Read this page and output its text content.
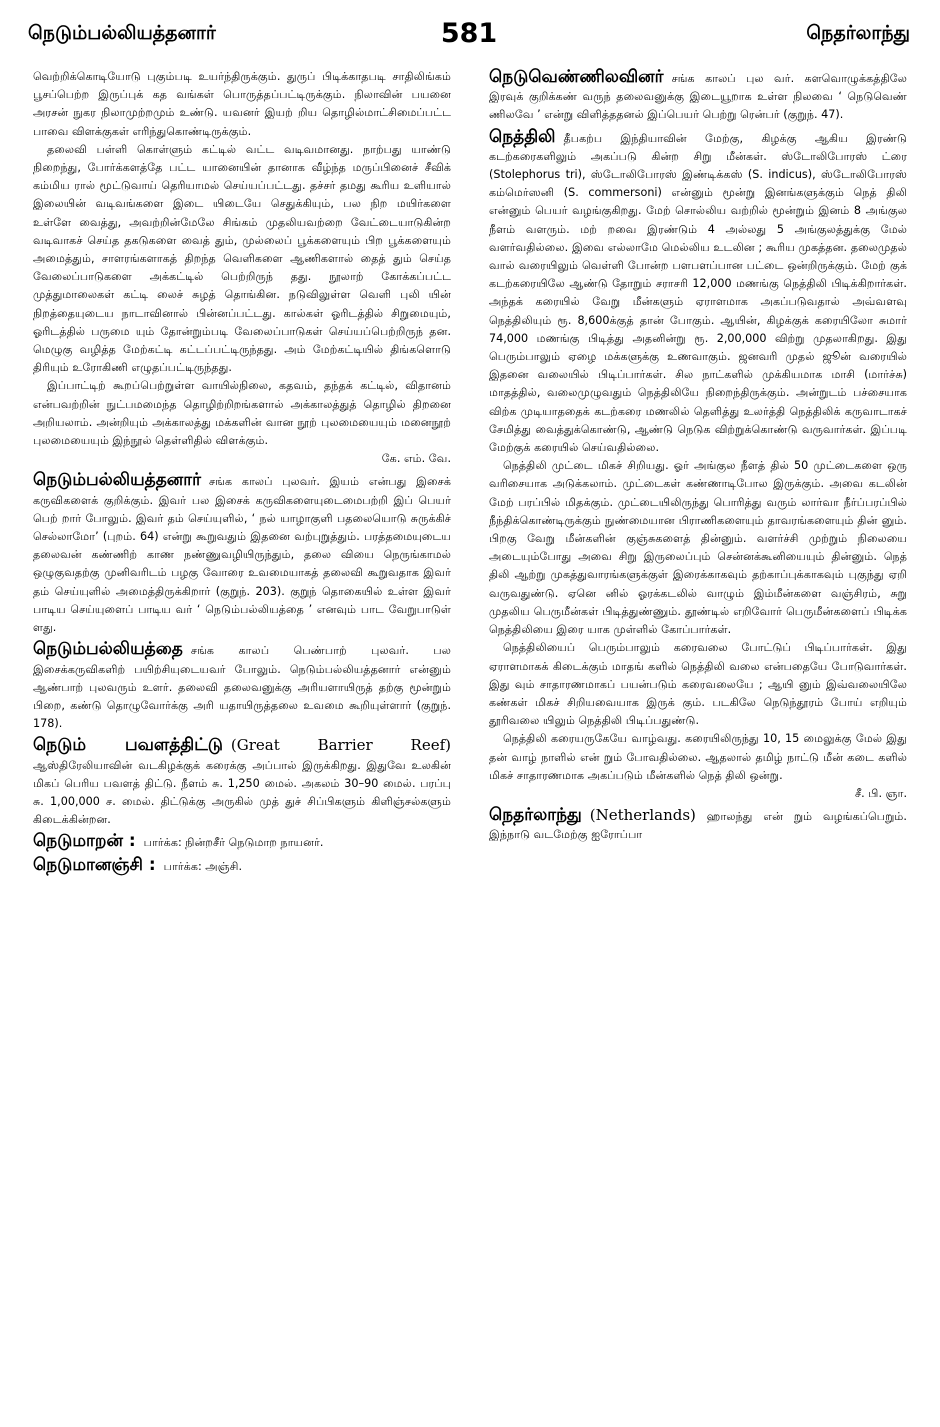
நெடும்பல்லியத்தனார்	581	நெதர்லாந்து

வெற்றிக்கொடியோடு புகும்படி உயர்ந்திருக்கும். துருப் பிடிக்காதபடி சாதிலிங்கம் பூசப்பெற்ற இருப்புக் கத வங்கள் பொருத்தப்பட்டிருக்கும். நிலாவின் பயனை அரசன் நுகர நிலாமுற்றமும் உண்டு. யவனர் இயற் றிய தொழில்மாட்சிமைப்பட்ட பாவை விளக்குகள் எரிந்துகொண்டிருக்கும்.

தலைவி பள்ளி கொள்ளும் கட்டில் வட்ட வடிவமானது. நாற்பது யாண்டு நிறைந்து, போர்க்களத்தே பட்ட யானையின் தானாக வீழ்ந்த மருப்பினைச் சீவிக் கம்மிய ரால் மூட்டுவாய் தெரியாமல் செய்யப்பட்டது. தச்சர் தமது கூரிய உளியால் இலையின் வடிவங்களை இடை யிடையே செதுக்கியும், பல நிற மயிர்களை உள்ளே வைத்து, அவற்றின்மேலே சிங்கம் முதலியவற்றை வேட்டையாடுகின்ற வடிவாகச் செய்த தகடுகளை வைத் தும், முல்லைப் பூக்களையும் பிற பூக்களையும் அமைத்தும், சாளரங்களாகத் திறந்த வெளிகளை ஆணிகளால் தைத் தும் செய்த வேலைப்பாடுகளை அக்கட்டில் பெற்றிருந் தது. நூலாற் கோக்கப்பட்ட முத்துமாலைகள் கட்டி லைச் சுழத் தொங்கின. நடுவிலுள்ள வெளி புலி யின் நிறத்தையுடைய நாடாவினால் பின்னப்பட்டது. கால்கள் ஓரிடத்தில் சிறுமையும், ஓரிடத்தில் பருமை யும் தோன்றும்படி வேலைப்பாடுகள் செய்யப்பெற்றிருந் தன. மெழுகு வழித்த மேற்கட்டி கட்டப்பட்டிருந்தது. அம் மேற்கட்டியில் திங்களொடு திரியும் உரோகிணி எழுதப்பட்டிருந்தது.

இப்பாட்டிற் கூறப்பெற்றுள்ள வாயில்நிலை, கதவம், தந்தக் கட்டில், விதானம் என்பவற்றின் நுட்பமமைந்த தொழிற்றிறங்களால் அக்காலத்துத் தொழில் திறனை அறியலாம். அன்றியும் அக்காலத்து மக்களின் வான நூற் புலமையையும் மனைநூற் புலமையையும் இந்நூல் தெள்ளிதில் விளக்கும்.

கே. எம். வே.

நெடும்பல்லியத்தனார் சங்க காலப் புலவர். இயம் என்பது இசைக் கருவிகளைக் குறிக்கும். இவர் பல இசைக் கருவிகளையுடைமைபற்றி இப் பெயர் பெற் றார் போலும். இவர் தம் செய்யுளில், ‘ நல் யாழாகுளி பதலையொடு சுருக்கிச் செல்லாமோ’ (புறம். 64) என்று கூறுவதும் இதனை வற்புறுத்தும். பரத்தமையுடைய தலைவன் கண்ணிற் காண நண்ணுவழியிருந்தும், தலை வியை நெருங்காமல் ஒழுகுவதற்கு முனிவரிடம் பழகு வோரை உவமையாகத் தலைவி கூறுவதாக இவர் தம் செய்யுளில் அமைத்திருக்கிறார் (குறுந். 203). குறுந் தொகையில் உள்ள இவர் பாடிய செய்யுளைப் பாடிய வர் ‘ நெடும்பல்லியத்தை ’ எனவும் பாட வேறுபாடுள் ளது.

நெடும்பல்லியத்தை சங்க காலப் பெண்பாற் புலவர். பல இசைக்கருவிகளிற் பயிற்சியுடையவர் போலும். நெடும்பல்லியத்தனார் என்னும் ஆண்பாற் புலவரும் உளர். தலைவி தலைவனுக்கு அரியளாயிருத் தற்கு மூன்றும் பிறை, கண்டு தொழுவோர்க்கு அரி யதாயிருத்தலை உவமை கூறியுள்ளார் (குறுந். 178).

நெடும் பவளத்திட்டு (Great Barrier Reef) ஆஸ்திரேலியாவின் வடகிழக்குக் கரைக்கு அப்பால் இருக்கிறது. இதுவே உலகின் மிகப் பெரிய பவளத் திட்டு. நீளம் சு. 1,250 மைல். அகலம் 30–90 மைல். பரப்பு சு. 1,00,000 ச. மைல். திட்டுக்கு அருகில் முத் துச் சிப்பிகளும் கிளிஞ்சல்களும் கிடைக்கின்றன.

நெடுமாறன் : பார்க்க: நின்றசீர் நெடுமாற நாயனர்.

நெடுமானஞ்சி : பார்க்க: அஞ்சி.

நெடுவெண்ணிலவினர் சங்க காலப் புல வர். களவொழுக்கத்திலே இரவுக் குறிக்கண் வருந் தலைவனுக்கு இடையூறாக உள்ள நிலவை ‘ நெடுவெண் ணிலவே ’ என்று விளித்ததனல் இப்பெயர் பெற்று ரென்பர் (குறுந். 47).

நெத்திலி தீபகற்ப இந்தியாவின் மேற்கு, கிழக்கு ஆகிய இரண்டு கடற்கரைகளிலும் அகப்படு கின்ற சிறு மீன்கள். ஸ்டோலிபோரஸ் ட்ரை (Stolephorus tri), ஸ்டோலிபோரஸ் இண்டிக்கஸ் (S. indicus), ஸ்டோலிபோரஸ் கம்மெர்ஸனி (S. commersoni) என்னும் மூன்று இனங்களுக்கும் நெத் திலி என்னும் பெயர் வழங்குகிறது. மேற் சொல்லிய வற்றில் மூன்றும் இனம் 8 அங்குல நீளம் வளரும். மற் றவை இரண்டும் 4 அல்லது 5 அங்குலத்துக்கு மேல் வளர்வதில்லை. இவை எல்லாமே மெல்லிய உடலின ; கூரிய முகத்தன. தலைமுதல் வால் வரையிலும் வெள்ளி போன்ற பளபளப்பான பட்டை ஒன்றிருக்கும். மேற் குக் கடற்கரையிலே ஆண்டு தோறும் சராசரி 12,000 மணங்கு நெத்திலி பிடிக்கிறார்கள். அந்தக் கரையில் வேறு மீன்களும் ஏராளமாக அகப்படுவதால் அவ்வளவு நெத்திலியும் ரூ. 8,600க்குத் தான் போகும். ஆயின், கிழக்குக் கரையிலோ சுமார் 74,000 மணங்கு பிடித்து அதனின்று ரூ. 2,00,000 விற்று முதலாகிறது. இது பெரும்பாலும் ஏழை மக்களுக்கு உணவாகும். ஜனவரி முதல் ஜூன் வரையில் இதனை வலையில் பிடிப்பார்கள். சில நாட்களில் முக்கியமாக மாசி (மார்ச்சு) மாதத்தில், வலைமுழுவதும் நெத்திலியே நிறைந்திருக்கும். அன்றுடம் பச்சையாக விற்க முடியாததைக் கடற்கரை மணலில் தெளித்து உலர்த்தி நெத்திலிக் கருவாடாகச் சேமித்து வைத்துக்கொண்டு, ஆண்டு நெடுக விற்றுக்கொண்டு வருவார்கள். இப்படி மேற்குக் கரையில் செய்வதில்லை.

நெத்திலி முட்டை மிகச் சிறியது. ஓர் அங்குல நீளத் தில் 50 முட்டைகளை ஒரு வரிசையாக அடுக்கலாம். முட்டைகள் கண்ணாடிபோல இருக்கும். அவை கடலின் மேற் பரப்பில் மிதக்கும். முட்டையிலிருந்து பொரித்து வரும் லார்வா நீர்ப்பரப்பில் நீந்திக்கொண்டிருக்கும் நுண்மையான பிராணிகளையும் தாவரங்களையும் தின் னும். பிறகு வேறு மீன்களின் குஞ்சுகளைத் தின்னும். வளர்ச்சி முற்றும் நிலையை அடையும்போது அவை சிறு இருலைப்பும் சென்னக்கூனியையும் தின்னும். நெத் திலி ஆற்று முகத்துவாரங்களுக்குள் இரைக்காகவும் தற்காப்புக்காகவும் புகுந்து ஏறி வருவதுண்டு. ஏனெ னில் ஓரக்கடலில் வாழும் இம்மீன்களை வஞ்சிரம், சுறு முதலிய பெருமீன்கள் பிடித்துண்ணும். தூண்டில் எறிவோர் பெருமீன்களைப் பிடிக்க நெத்திலியை இரை யாக முள்ளில் கோப்பார்கள்.

நெத்திலியைப் பெரும்பாலும் கரைவலை போட்டுப் பிடிப்பார்கள். இது ஏராளமாகக் கிடைக்கும் மாதங் களில் நெத்திலி வலை என்பதையே போடுவார்கள். இது வும் சாதாரணமாகப் பயன்படும் கரைவலையே ; ஆயி னும் இவ்வலையிலே கண்கள் மிகச் சிறியவையாக இருக் கும். படகிலே நெடுந்தூரம் போய் எறியும் தூரிவலை யிலும் நெத்திலி பிடிப்பதுண்டு.

நெத்திலி கரையருகேயே வாழ்வது. கரையிலிருந்து 10, 15 மைலுக்கு மேல் இது தன் வாழ் நாளில் என் றும் போவதில்லை. ஆதலால் தமிழ் நாட்டு மீன் கடை களில் மிகச் சாதாரணமாக அகப்படும் மீன்களில் நெத் திலி ஒன்று.

சீ. பி. ஞா.

நெதர்லாந்து (Netherlands) ஹாலந்து என் றும் வழங்கப்பெறும். இந்நாடு வடமேற்கு ஐரோப்பா
